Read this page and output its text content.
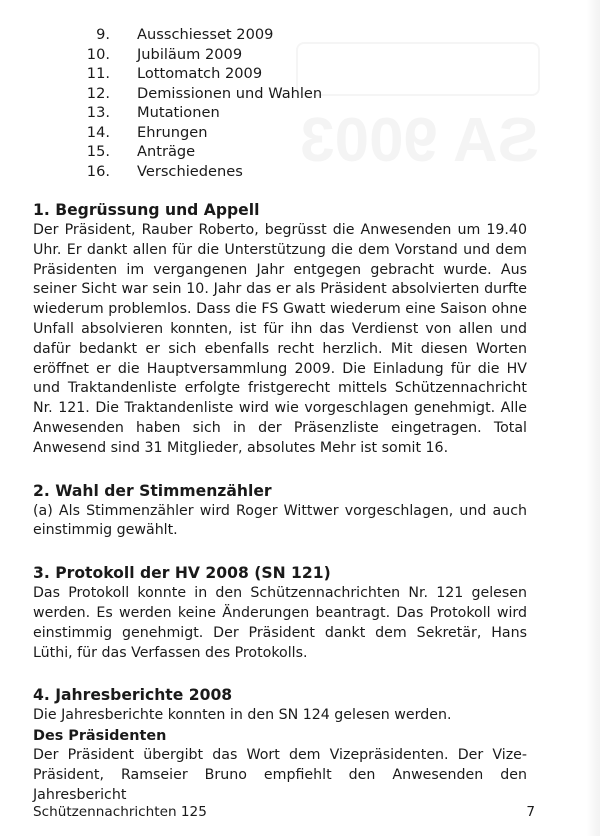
9. Ausschiesset 2009
10. Jubiläum 2009
11. Lottomatch 2009
12. Demissionen und Wahlen
13. Mutationen
14. Ehrungen
15. Anträge
16. Verschiedenes
1. Begrüssung und Appell

Der Präsident, Rauber Roberto, begrüsst die Anwesenden um 19.40 Uhr. Er dankt allen für die Unterstützung die dem Vorstand und dem Präsidenten im vergangenen Jahr entgegen gebracht wurde. Aus seiner Sicht war sein 10. Jahr das er als Präsident absolvierten durfte wiederum problemlos. Dass die FS Gwatt wiederum eine Saison ohne Unfall absolvieren konnten, ist für ihn das Verdienst von allen und dafür bedankt er sich ebenfalls recht herzlich. Mit diesen Worten eröffnet er die Hauptversammlung 2009. Die Einladung für die HV und Traktandenliste erfolgte fristgerecht mittels Schützennachricht Nr. 121. Die Traktandenliste wird wie vorgeschlagen genehmigt. Alle Anwesenden haben sich in der Präsenzliste eingetragen. Total Anwesend sind 31 Mitglieder, absolutes Mehr ist somit 16.

2. Wahl der Stimmenzähler

(a) Als Stimmenzähler wird Roger Wittwer vorgeschlagen, und auch einstimmig gewählt.

3. Protokoll der HV 2008 (SN 121)

Das Protokoll konnte in den Schützennachrichten Nr. 121 gelesen werden. Es werden keine Änderungen beantragt. Das Protokoll wird einstimmig genehmigt. Der Präsident dankt dem Sekretär, Hans Lüthi, für das Verfassen des Protokolls.

4. Jahresberichte 2008

Die Jahresberichte konnten in den SN 124 gelesen werden.

Des Präsidenten

Der Präsident übergibt das Wort dem Vizepräsidenten. Der Vize-Präsident, Ramseier Bruno empfiehlt den Anwesenden den Jahresbericht

Schützennachrichten 125	7
